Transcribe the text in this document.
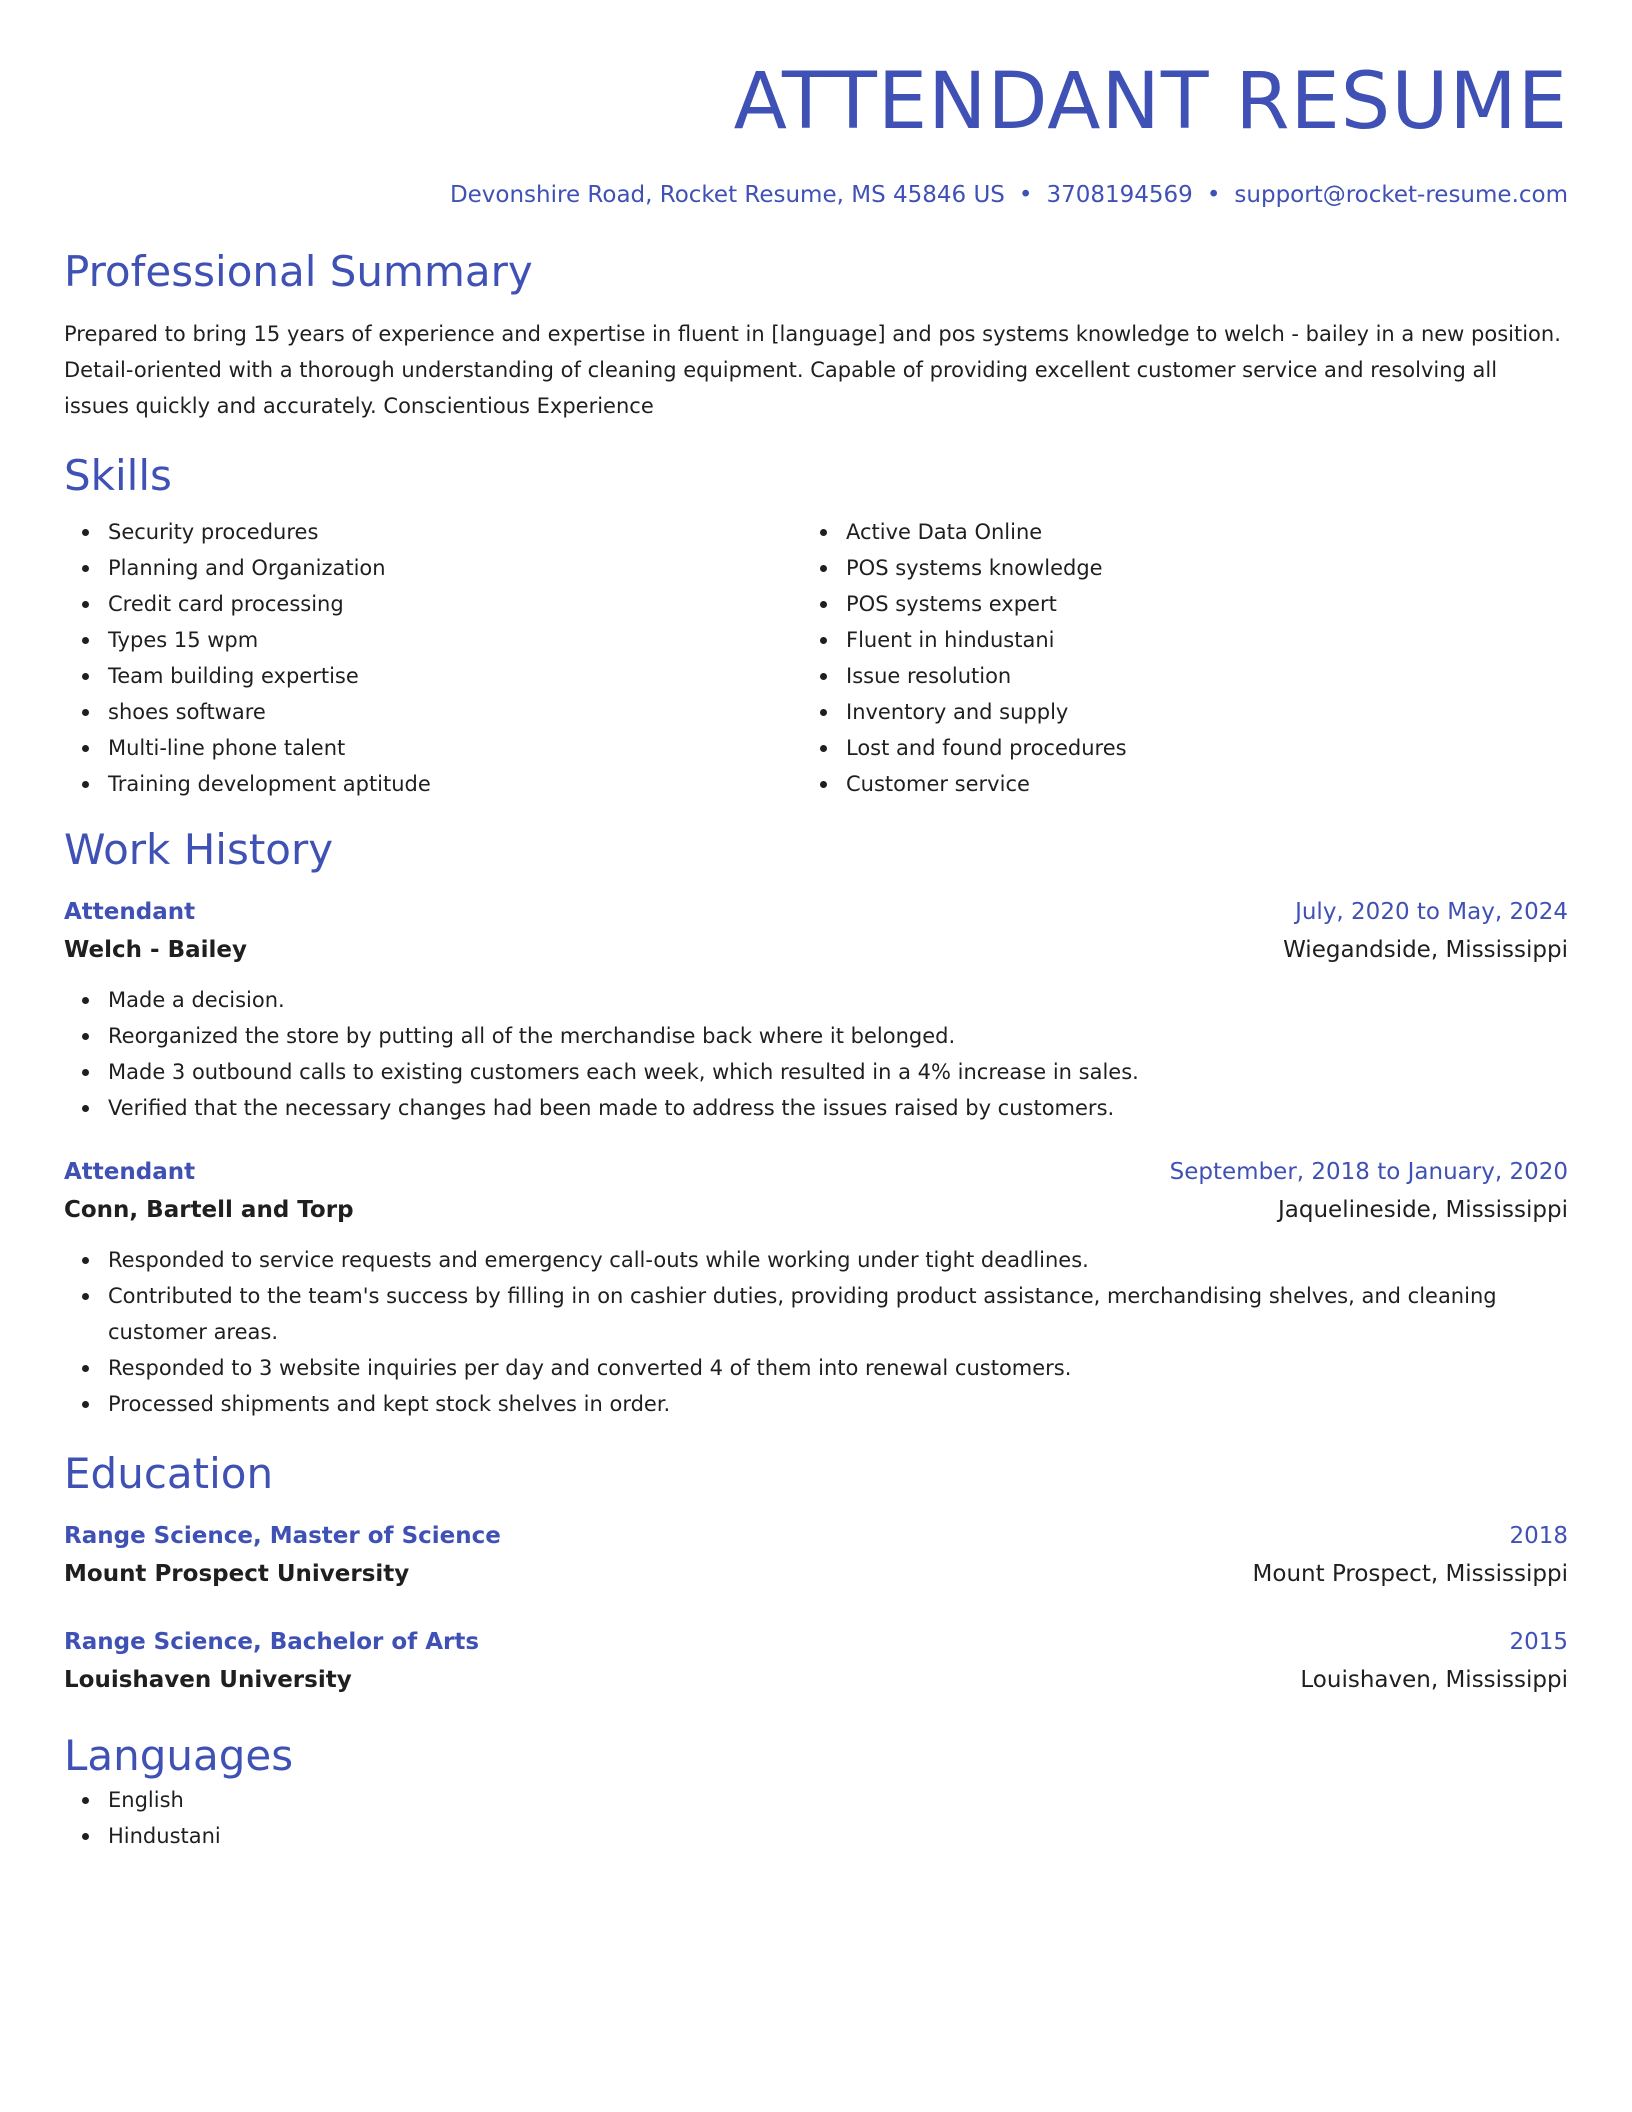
ATTENDANT RESUME
Devonshire Road, Rocket Resume, MS 45846 US • 3708194569 • support@rocket-resume.com
Professional Summary

Prepared to bring 15 years of experience and expertise in fluent in [language] and pos systems knowledge to welch - bailey in a new position. Detail-oriented with a thorough understanding of cleaning equipment. Capable of providing excellent customer service and resolving all issues quickly and accurately. Conscientious Experience

Skills
Security procedures
Planning and Organization
Credit card processing
Types 15 wpm
Team building expertise
shoes software
Multi-line phone talent
Training development aptitude
Active Data Online
POS systems knowledge
POS systems expert
Fluent in hindustani
Issue resolution
Inventory and supply
Lost and found procedures
Customer service
Work History
Attendant	July, 2020 to May, 2024
Welch - Bailey	Wiegandside, Mississippi
Made a decision.
Reorganized the store by putting all of the merchandise back where it belonged.
Made 3 outbound calls to existing customers each week, which resulted in a 4% increase in sales.
Verified that the necessary changes had been made to address the issues raised by customers.
Attendant	September, 2018 to January, 2020
Conn, Bartell and Torp	Jaquelineside, Mississippi
Responded to service requests and emergency call-outs while working under tight deadlines.
Contributed to the team's success by filling in on cashier duties, providing product assistance, merchandising shelves, and cleaning customer areas.
Responded to 3 website inquiries per day and converted 4 of them into renewal customers.
Processed shipments and kept stock shelves in order.
Education
Range Science, Master of Science	2018
Mount Prospect University	Mount Prospect, Mississippi
Range Science, Bachelor of Arts	2015
Louishaven University	Louishaven, Mississippi
Languages
English
Hindustani
